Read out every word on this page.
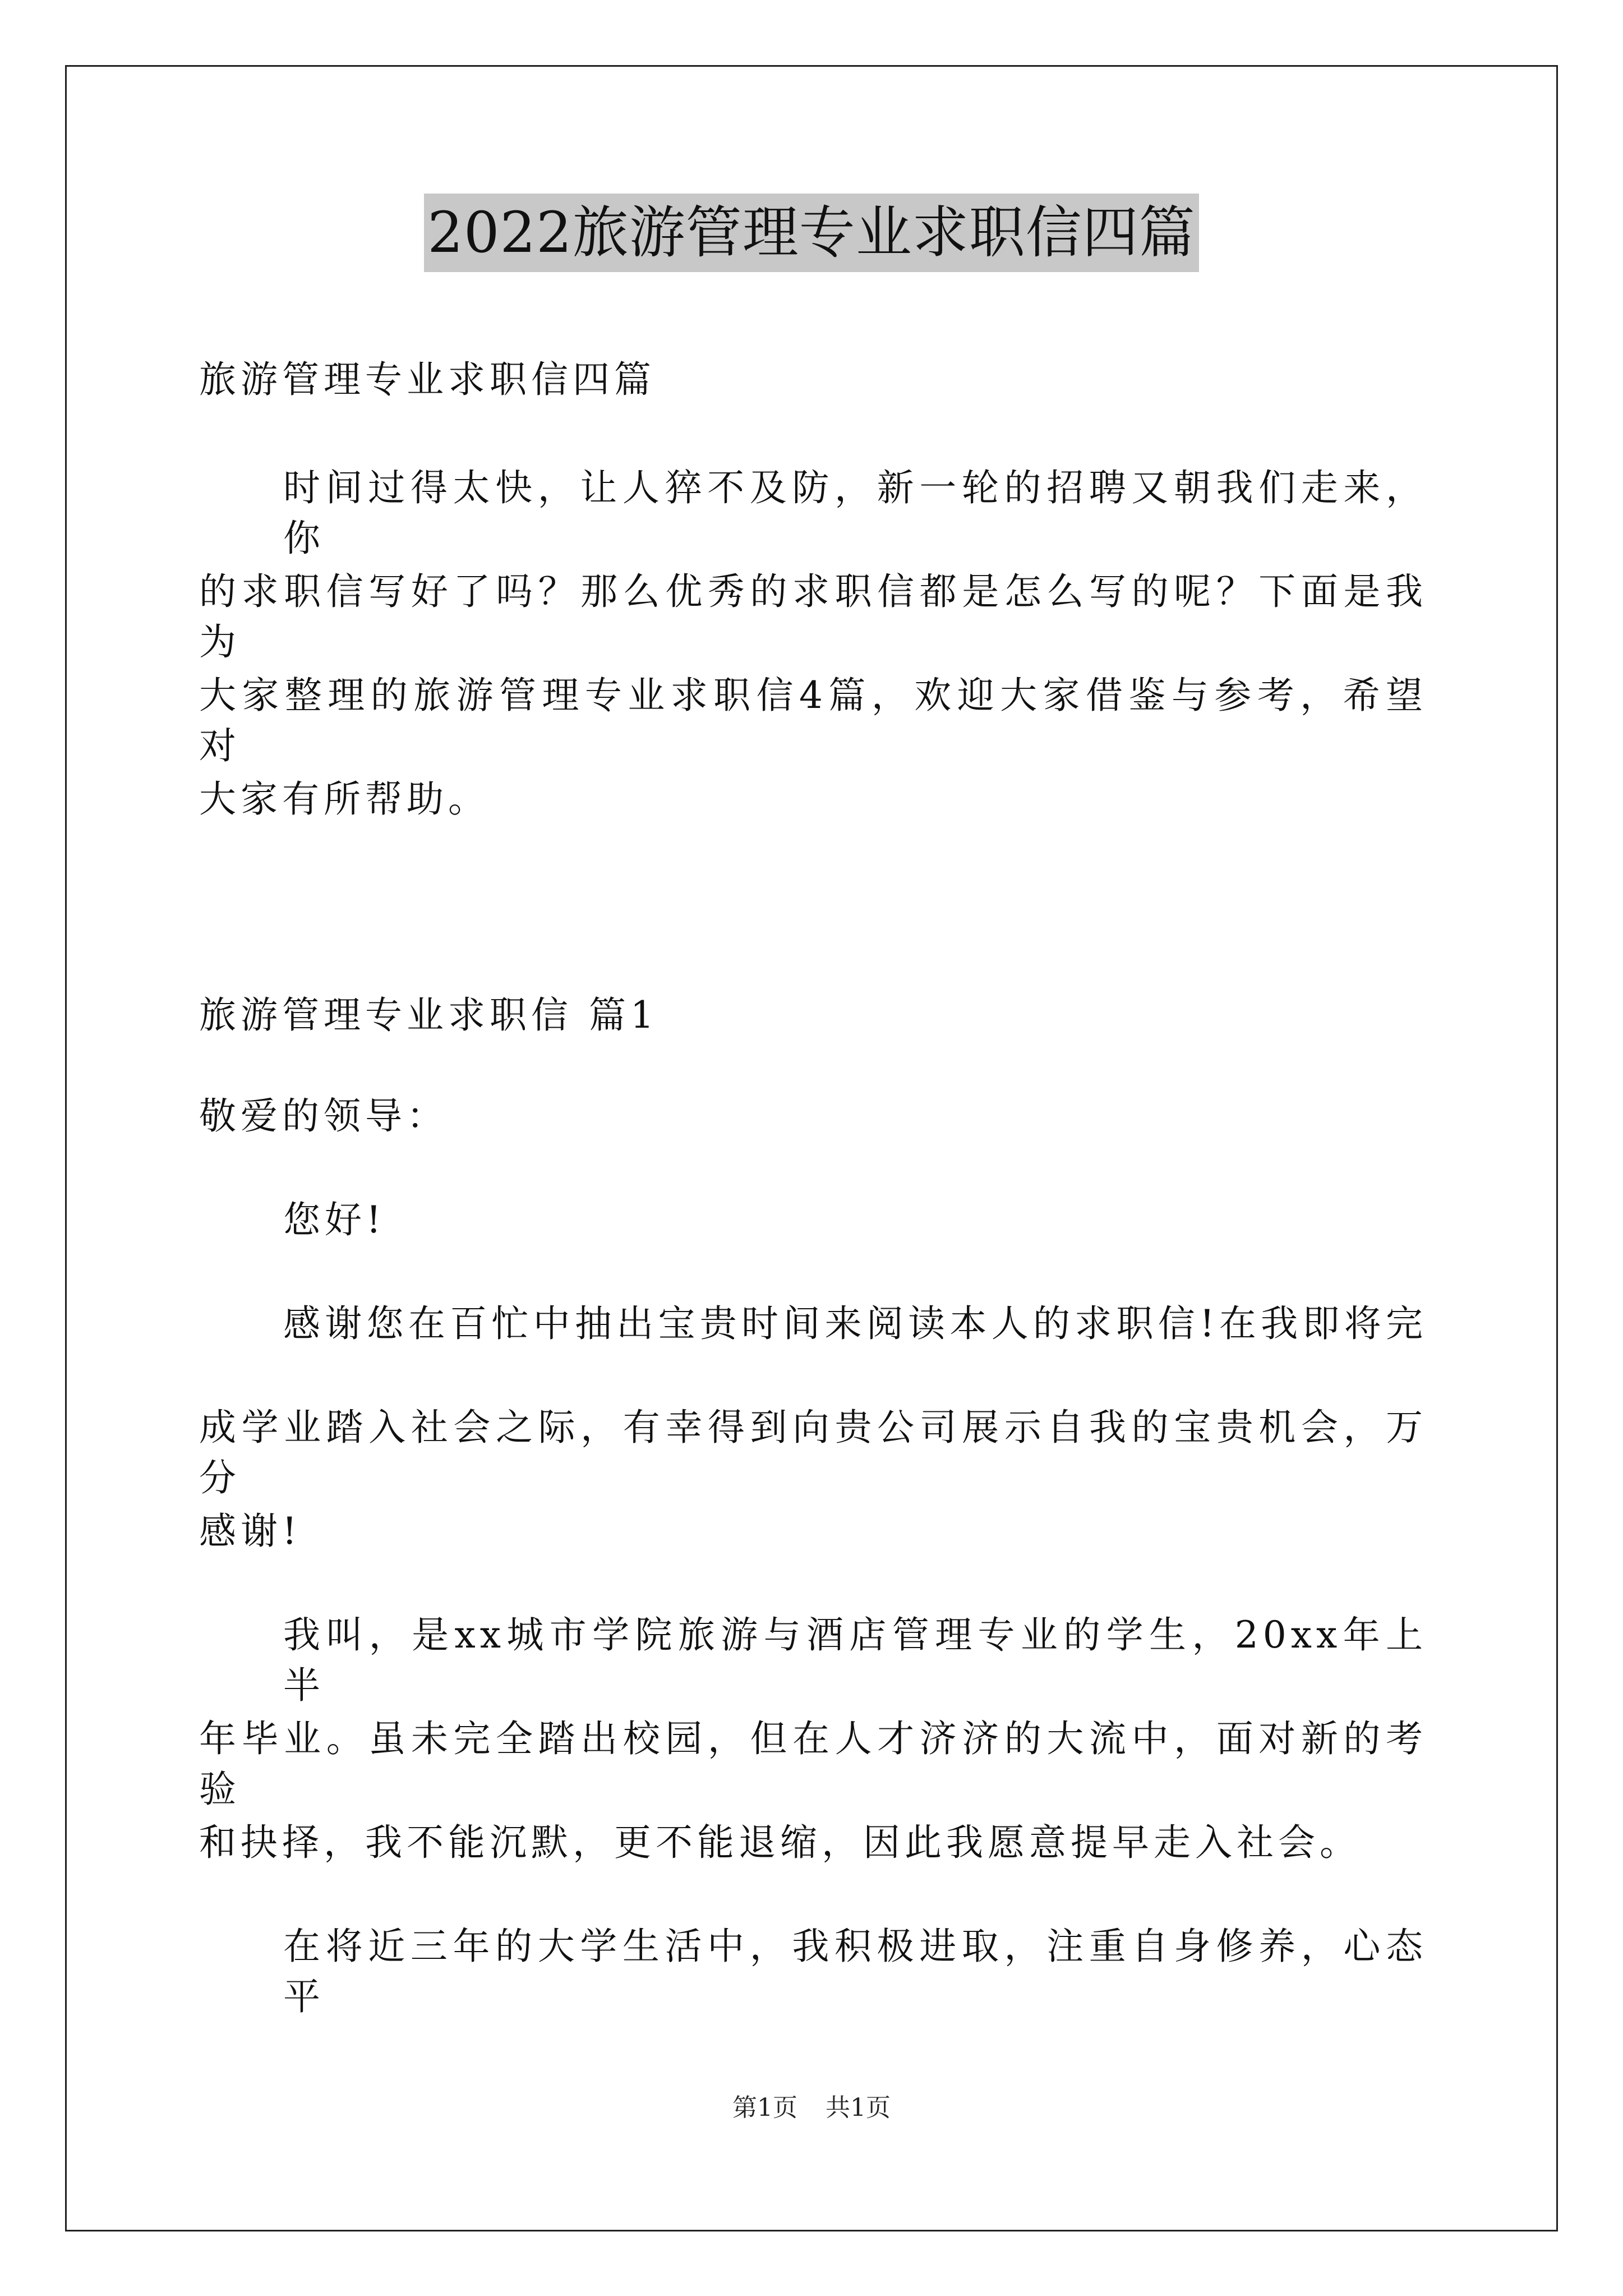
2022旅游管理专业求职信四篇
旅游管理专业求职信四篇
时间过得太快，让人猝不及防，新一轮的招聘又朝我们走来，你
的求职信写好了吗？那么优秀的求职信都是怎么写的呢？下面是我为
大家整理的旅游管理专业求职信4篇，欢迎大家借鉴与参考，希望对
大家有所帮助。
旅游管理专业求职信 篇1
敬爱的领导：
您好!
感谢您在百忙中抽出宝贵时间来阅读本人的求职信!在我即将完
成学业踏入社会之际，有幸得到向贵公司展示自我的宝贵机会，万分
感谢!
我叫，是xx城市学院旅游与酒店管理专业的学生，20xx年上半
年毕业。虽未完全踏出校园，但在人才济济的大流中，面对新的考验
和抉择，我不能沉默，更不能退缩，因此我愿意提早走入社会。
在将近三年的大学生活中，我积极进取，注重自身修养，心态平
第1页 共1页
